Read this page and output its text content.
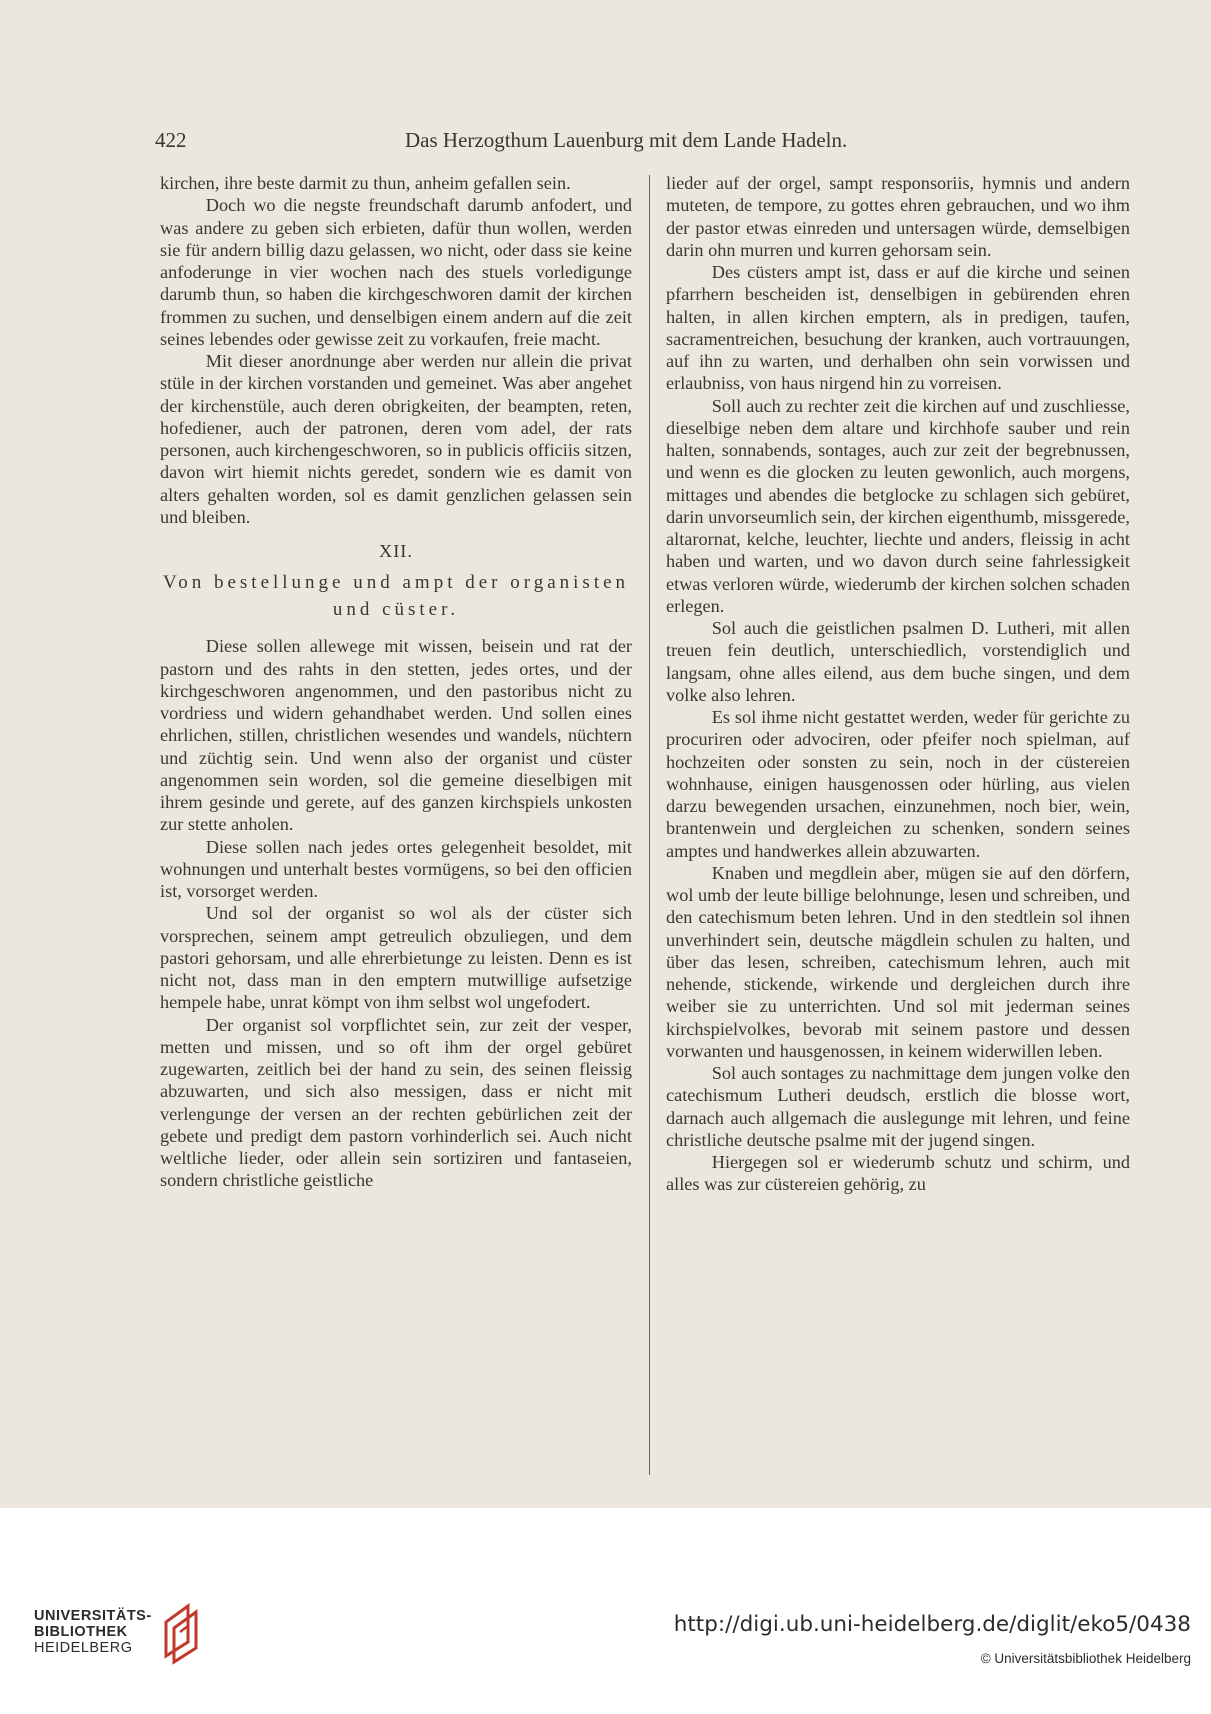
422	Das Herzogthum Lauenburg mit dem Lande Hadeln.

kirchen, ihre beste darmit zu thun, anheim gefallen sein.

Doch wo die negste freundschaft darumb anfodert, und was andere zu geben sich erbieten, dafür thun wollen, werden sie für andern billig dazu gelassen, wo nicht, oder dass sie keine anfoderunge in vier wochen nach des stuels vorledigunge darumb thun, so haben die kirchgeschworen damit der kirchen frommen zu suchen, und denselbigen einem andern auf die zeit seines lebendes oder gewisse zeit zu vorkaufen, freie macht.

Mit dieser anordnunge aber werden nur allein die privat stüle in der kirchen vorstanden und gemeinet. Was aber angehet der kirchenstüle, auch deren obrigkeiten, der beampten, reten, hofediener, auch der patronen, deren vom adel, der rats personen, auch kirchengeschworen, so in publicis officiis sitzen, davon wirt hiemit nichts geredet, sondern wie es damit von alters gehalten worden, sol es damit genzlichen gelassen sein und bleiben.

XII.

Von bestellunge und ampt der organisten und cüster.

Diese sollen allewege mit wissen, beisein und rat der pastorn und des rahts in den stetten, jedes ortes, und der kirchgeschworen angenommen, und den pastoribus nicht zu vordriess und widern gehandhabet werden. Und sollen eines ehrlichen, stillen, christlichen wesendes und wandels, nüchtern und züchtig sein. Und wenn also der organist und cüster angenommen sein worden, sol die gemeine dieselbigen mit ihrem gesinde und gerete, auf des ganzen kirchspiels unkosten zur stette anholen.

Diese sollen nach jedes ortes gelegenheit besoldet, mit wohnungen und unterhalt bestes vormügens, so bei den officien ist, vorsorget werden.

Und sol der organist so wol als der cüster sich vorsprechen, seinem ampt getreulich obzuliegen, und dem pastori gehorsam, und alle ehrerbietunge zu leisten. Denn es ist nicht not, dass man in den emptern mutwillige aufsetzige hempele habe, unrat kömpt von ihm selbst wol ungefodert.

Der organist sol vorpflichtet sein, zur zeit der vesper, metten und missen, und so oft ihm der orgel gebüret zugewarten, zeitlich bei der hand zu sein, des seinen fleissig abzuwarten, und sich also messigen, dass er nicht mit verlengunge der versen an der rechten gebürlichen zeit der gebete und predigt dem pastorn vorhinderlich sei. Auch nicht weltliche lieder, oder allein sein sortiziren und fantaseien, sondern christliche geistliche

lieder auf der orgel, sampt responsoriis, hymnis und andern muteten, de tempore, zu gottes ehren gebrauchen, und wo ihm der pastor etwas einreden und untersagen würde, demselbigen darin ohn murren und kurren gehorsam sein.

Des cüsters ampt ist, dass er auf die kirche und seinen pfarrhern bescheiden ist, denselbigen in gebürenden ehren halten, in allen kirchen emptern, als in predigen, taufen, sacramentreichen, besuchung der kranken, auch vortrauungen, auf ihn zu warten, und derhalben ohn sein vorwissen und erlaubniss, von haus nirgend hin zu vorreisen.

Soll auch zu rechter zeit die kirchen auf und zuschliesse, dieselbige neben dem altare und kirchhofe sauber und rein halten, sonnabends, sontages, auch zur zeit der begrebnussen, und wenn es die glocken zu leuten gewonlich, auch morgens, mittages und abendes die betglocke zu schlagen sich gebüret, darin unvorseumlich sein, der kirchen eigenthumb, missgerede, altarornat, kelche, leuchter, liechte und anders, fleissig in acht haben und warten, und wo davon durch seine fahrlessigkeit etwas verloren würde, wiederumb der kirchen solchen schaden erlegen.

Sol auch die geistlichen psalmen D. Lutheri, mit allen treuen fein deutlich, unterschiedlich, vorstendiglich und langsam, ohne alles eilend, aus dem buche singen, und dem volke also lehren.

Es sol ihme nicht gestattet werden, weder für gerichte zu procuriren oder advociren, oder pfeifer noch spielman, auf hochzeiten oder sonsten zu sein, noch in der cüstereien wohnhause, einigen hausgenossen oder hürling, aus vielen darzu bewegenden ursachen, einzunehmen, noch bier, wein, brantenwein und dergleichen zu schenken, sondern seines amptes und handwerkes allein abzuwarten.

Knaben und megdlein aber, mügen sie auf den dörfern, wol umb der leute billige belohnunge, lesen und schreiben, und den catechismum beten lehren. Und in den stedtlein sol ihnen unverhindert sein, deutsche mägdlein schulen zu halten, und über das lesen, schreiben, catechismum lehren, auch mit nehende, stickende, wirkende und dergleichen durch ihre weiber sie zu unterrichten. Und sol mit jederman seines kirchspielvolkes, bevorab mit seinem pastore und dessen vorwanten und hausgenossen, in keinem widerwillen leben.

Sol auch sontages zu nachmittage dem jungen volke den catechismum Lutheri deudsch, erstlich die blosse wort, darnach auch allgemach die auslegunge mit lehren, und feine christliche deutsche psalme mit der jugend singen.

Hiergegen sol er wiederumb schutz und schirm, und alles was zur cüstereien gehörig, zu

UNIVERSITÄTS-
BIBLIOTHEK
HEIDELBERG
http://digi.ub.uni-heidelberg.de/diglit/eko5/0438
© Universitätsbibliothek Heidelberg
